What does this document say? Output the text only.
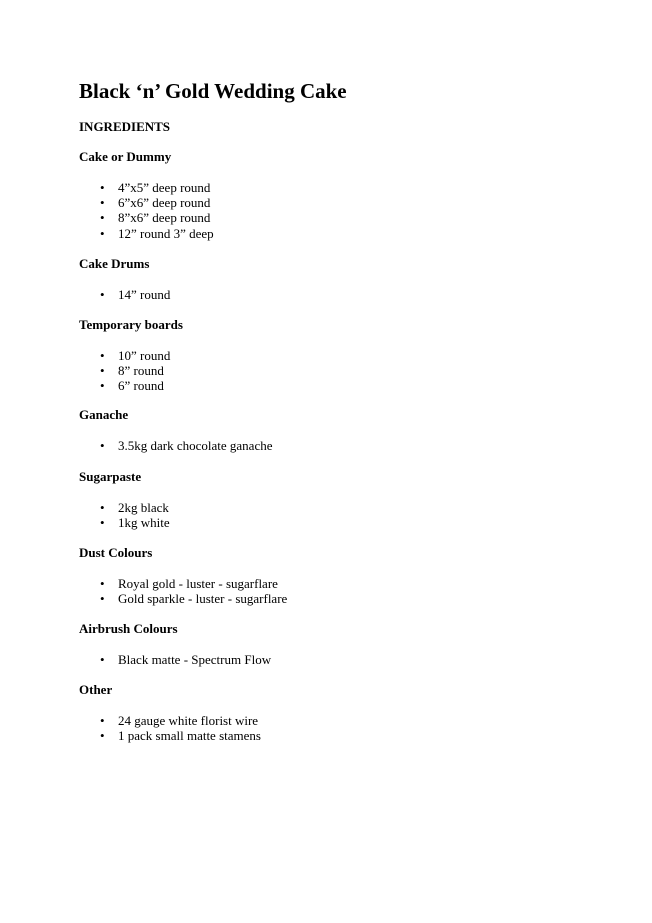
Black ‘n’ Gold Wedding Cake
INGREDIENTS
Cake or Dummy
• 4”x5” deep round
• 6”x6” deep round
• 8”x6” deep round
• 12” round 3” deep
Cake Drums
• 14” round
Temporary boards
• 10” round
• 8” round
• 6” round
Ganache
• 3.5kg dark chocolate ganache
Sugarpaste
• 2kg black
• 1kg white
Dust Colours
• Royal gold - luster - sugarflare
• Gold sparkle - luster - sugarflare
Airbrush Colours
• Black matte - Spectrum Flow
Other
• 24 gauge white florist wire
• 1 pack small matte stamens
